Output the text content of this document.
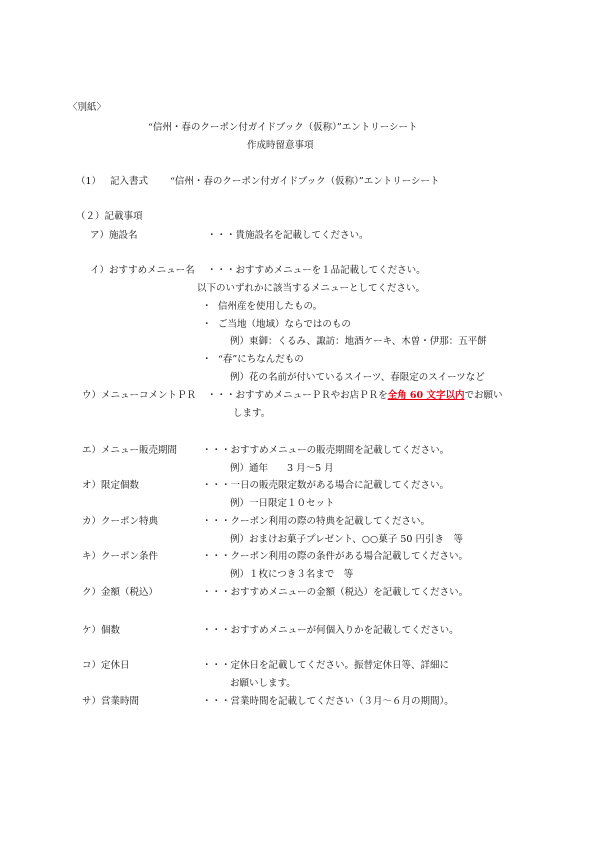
〈別紙〉
“信州・春のクーポン付ガイドブック（仮称）”エントリーシート
作成時留意事項
（1） 記入書式 “信州・春のクーポン付ガイドブック（仮称）”エントリーシート
（２）記載事項
ア）施設名	・・・貴施設名を記載してください。
イ）おすすめメニュー名 ・・・おすすめメニューを１品記載してください。
以下のいずれかに該当するメニューとしてください。
・ 信州産を使用したもの。
・ ご当地（地域）ならではのもの
例）東御：くるみ、諏訪：地酒ケーキ、木曽・伊那：五平餅
・ “春”にちなんだもの
例）花の名前が付いているスイーツ、春限定のスイーツなど
ウ）メニューコメントＰＲ ・・・おすすめメニューＰＲやお店ＰＲを全角 60 文字以内でお願い
します。
エ）メニュー販売期間	・・・おすすめメニューの販売期間を記載してください。
例）通年　　3 月～5 月
オ）限定個数	・・・一日の販売限定数がある場合に記載してください。
例）一日限定１０セット
カ）クーポン特典	・・・クーポン利用の際の特典を記載してください。
例）おまけお菓子プレゼント、○○菓子 50 円引き　等
キ）クーポン条件	・・・クーポン利用の際の条件がある場合記載してください。
例）１枚につき３名まで　等
ク）金額（税込）	・・・おすすめメニューの金額（税込）を記載してください。
ケ）個数	・・・おすすめメニューが何個入りかを記載してください。
コ）定休日	・・・定休日を記載してください。振替定休日等、詳細に
お願いします。
サ）営業時間	・・・営業時間を記載してください（３月～６月の期間）。
